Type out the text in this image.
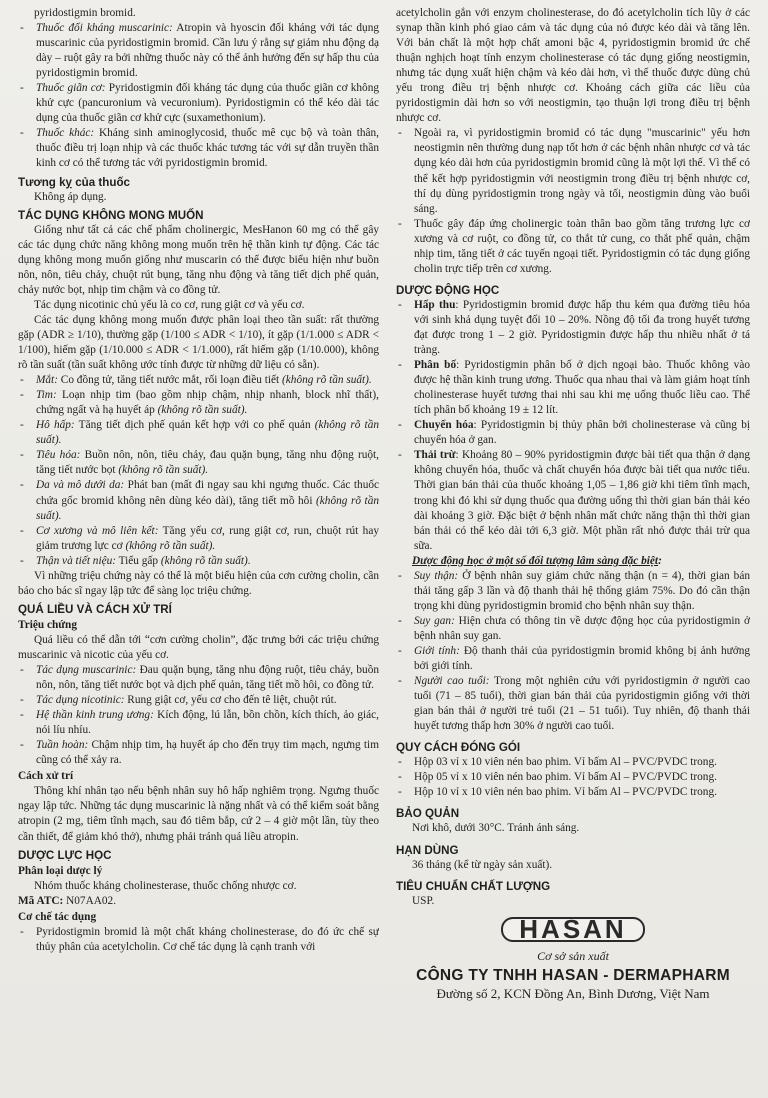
pyridostigmin bromid.

- Thuốc đối kháng muscarinic: Atropin và hyoscin đối kháng với tác dụng muscarinic của pyridostigmin bromid. Cần lưu ý rằng sự giảm nhu động dạ dày – ruột gây ra bởi những thuốc này có thể ảnh hưởng đến sự hấp thu của pyridostigmin bromid.

- Thuốc giãn cơ: Pyridostigmin đối kháng tác dụng của thuốc giãn cơ không khử cực (pancuronium và vecuronium). Pyridostigmin có thể kéo dài tác dụng của thuốc giãn cơ khử cực (suxamethonium).

- Thuốc khác: Kháng sinh aminoglycosid, thuốc mê cục bộ và toàn thân, thuốc điều trị loạn nhịp và các thuốc khác tương tác với sự dẫn truyền thần kinh cơ có thể tương tác với pyridostigmin bromid.

Tương kỵ của thuốc

Không áp dụng.

TÁC DỤNG KHÔNG MONG MUỐN

Giống như tất cả các chế phẩm cholinergic, MesHanon 60 mg có thể gây các tác dụng chức năng không mong muốn trên hệ thần kinh tự động. Các tác dụng không mong muốn giống như muscarin có thể được biểu hiện như buồn nôn, nôn, tiêu chảy, chuột rút bụng, tăng nhu động và tăng tiết dịch phế quản, chảy nước bọt, nhịp tim chậm và co đồng tử.

Tác dụng nicotinic chủ yếu là co cơ, rung giật cơ và yếu cơ.

Các tác dụng không mong muốn được phân loại theo tần suất: rất thường gặp (ADR ≥ 1/10), thường gặp (1/100 ≤ ADR < 1/10), ít gặp (1/1.000 ≤ ADR < 1/100), hiếm gặp (1/10.000 ≤ ADR < 1/1.000), rất hiếm gặp (1/10.000), không rõ tần suất (tần suất không ước tính được từ những dữ liệu có sẵn).

- Mắt: Co đồng tử, tăng tiết nước mắt, rối loạn điều tiết (không rõ tần suất).

- Tim: Loạn nhịp tim (bao gồm nhịp chậm, nhịp nhanh, block nhĩ thất), chứng ngất và hạ huyết áp (không rõ tần suất).

- Hô hấp: Tăng tiết dịch phế quản kết hợp với co phế quản (không rõ tần suất).

- Tiêu hóa: Buồn nôn, nôn, tiêu chảy, đau quặn bụng, tăng nhu động ruột, tăng tiết nước bọt (không rõ tần suất).

- Da và mô dưới da: Phát ban (mất đi ngay sau khi ngưng thuốc. Các thuốc chứa gốc bromid không nên dùng kéo dài), tăng tiết mồ hôi (không rõ tần suất).

- Cơ xương và mô liên kết: Tăng yếu cơ, rung giật cơ, run, chuột rút hay giảm trương lực cơ (không rõ tần suất).

- Thận và tiết niệu: Tiểu gấp (không rõ tần suất).

Vì những triệu chứng này có thể là một biểu hiện của cơn cường cholin, cần báo cho bác sĩ ngay lập tức để sàng lọc triệu chứng.

QUÁ LIỀU VÀ CÁCH XỬ TRÍ

Triệu chứng

Quá liều có thể dẫn tới “cơn cường cholin”, đặc trưng bởi các triệu chứng muscarinic và nicotic của yếu cơ.

- Tác dụng muscarinic: Đau quặn bụng, tăng nhu động ruột, tiêu chảy, buồn nôn, nôn, tăng tiết nước bọt và dịch phế quản, tăng tiết mồ hôi, co đồng tử.

- Tác dụng nicotinic: Rung giật cơ, yếu cơ cho đến tê liệt, chuột rút.

- Hệ thần kinh trung ương: Kích động, lú lẫn, bồn chồn, kích thích, ảo giác, nói líu nhíu.

- Tuần hoàn: Chậm nhịp tim, hạ huyết áp cho đến trụy tim mạch, ngưng tim cũng có thể xảy ra.

Cách xử trí

Thông khí nhân tạo nếu bệnh nhân suy hô hấp nghiêm trọng. Ngưng thuốc ngay lập tức. Những tác dụng muscarinic là nặng nhất và có thể kiểm soát bằng atropin (2 mg, tiêm tĩnh mạch, sau đó tiêm bắp, cứ 2 – 4 giờ một lần, tùy theo cần thiết, để giảm khó thở), nhưng phải tránh quá liều atropin.

DƯỢC LỰC HỌC

Phân loại dược lý

Nhóm thuốc kháng cholinesterase, thuốc chống nhược cơ.

Mã ATC: N07AA02.

Cơ chế tác dụng

- Pyridostigmin bromid là một chất kháng cholinesterase, do đó ức chế sự thủy phân của acetylcholin. Cơ chế tác dụng là cạnh tranh với

acetylcholin gắn với enzym cholinesterase, do đó acetylcholin tích lũy ở các synap thần kinh phó giao cảm và tác dụng của nó được kéo dài và tăng lên. Với bản chất là một hợp chất amoni bậc 4, pyridostigmin bromid ức chế thuận nghịch hoạt tính enzym cholinesterase có tác dụng giống neostigmin, nhưng tác dụng xuất hiện chậm và kéo dài hơn, vì thế thuốc được dùng chủ yếu trong điều trị bệnh nhược cơ. Khoảng cách giữa các liều của pyridostigmin dài hơn so với neostigmin, tạo thuận lợi trong điều trị bệnh nhược cơ.

- Ngoài ra, vì pyridostigmin bromid có tác dụng "muscarinic" yếu hơn neostigmin nên thường dung nạp tốt hơn ở các bệnh nhân nhược cơ và tác dụng kéo dài hơn của pyridostigmin bromid cũng là một lợi thế. Vì thế có thể kết hợp pyridostigmin với neostigmin trong điều trị bệnh nhược cơ, thí dụ dùng pyridostigmin trong ngày và tối, neostigmin dùng vào buổi sáng.

- Thuốc gây đáp ứng cholinergic toàn thân bao gồm tăng trương lực cơ xương và cơ ruột, co đồng tử, co thắt tử cung, co thắt phế quản, chậm nhịp tim, tăng tiết ở các tuyến ngoại tiết. Pyridostigmin có tác dụng giống cholin trực tiếp trên cơ xương.

DƯỢC ĐỘNG HỌC

- Hấp thu: Pyridostigmin bromid được hấp thu kém qua đường tiêu hóa với sinh khả dụng tuyệt đối 10 – 20%. Nồng độ tối đa trong huyết tương đạt được trong 1 – 2 giờ. Pyridostigmin được hấp thu nhiều nhất ở tá tràng.

- Phân bố: Pyridostigmin phân bố ở dịch ngoại bào. Thuốc không vào được hệ thần kinh trung ương. Thuốc qua nhau thai và làm giảm hoạt tính cholinesterase huyết tương thai nhi sau khi mẹ uống thuốc liều cao. Thể tích phân bố khoảng 19 ± 12 lít.

- Chuyển hóa: Pyridostigmin bị thủy phân bởi cholinesterase và cũng bị chuyển hóa ở gan.

- Thải trừ: Khoảng 80 – 90% pyridostigmin được bài tiết qua thận ở dạng không chuyển hóa, thuốc và chất chuyển hóa được bài tiết qua nước tiểu. Thời gian bán thải của thuốc khoảng 1,05 – 1,86 giờ khi tiêm tĩnh mạch, trong khi đó khi sử dụng thuốc qua đường uống thì thời gian bán thải kéo dài khoảng 3 giờ. Đặc biệt ở bệnh nhân mất chức năng thận thì thời gian bán thải có thể kéo dài tới 6,3 giờ. Một phần rất nhỏ được thải trừ qua sữa.

Dược động học ở một số đối tượng lâm sàng đặc biệt:

- Suy thận: Ở bệnh nhân suy giảm chức năng thận (n = 4), thời gian bán thải tăng gấp 3 lần và độ thanh thải hệ thống giảm 75%. Do đó cần thận trọng khi dùng pyridostigmin bromid cho bệnh nhân suy thận.

- Suy gan: Hiện chưa có thông tin về dược động học của pyridostigmin ở bệnh nhân suy gan.

- Giới tính: Độ thanh thải của pyridostigmin bromid không bị ảnh hưởng bởi giới tính.

- Người cao tuổi: Trong một nghiên cứu với pyridostigmin ở người cao tuổi (71 – 85 tuổi), thời gian bán thải của pyridostigmin giống với thời gian bán thải ở người trẻ tuổi (21 – 51 tuổi). Tuy nhiên, độ thanh thải huyết tương thấp hơn 30% ở người cao tuổi.

QUY CÁCH ĐÓNG GÓI

- Hộp 03 vỉ x 10 viên nén bao phim. Vỉ bấm Al – PVC/PVDC trong.

- Hộp 05 vỉ x 10 viên nén bao phim. Vỉ bấm Al – PVC/PVDC trong.

- Hộp 10 vỉ x 10 viên nén bao phim. Vỉ bấm Al – PVC/PVDC trong.

BẢO QUẢN

Nơi khô, dưới 30°C. Tránh ánh sáng.

HẠN DÙNG

36 tháng (kể từ ngày sản xuất).

TIÊU CHUẨN CHẤT LƯỢNG

USP.

HASAN
Cơ sở sản xuất
CÔNG TY TNHH HASAN - DERMAPHARM
Đường số 2, KCN Đồng An, Bình Dương, Việt Nam
